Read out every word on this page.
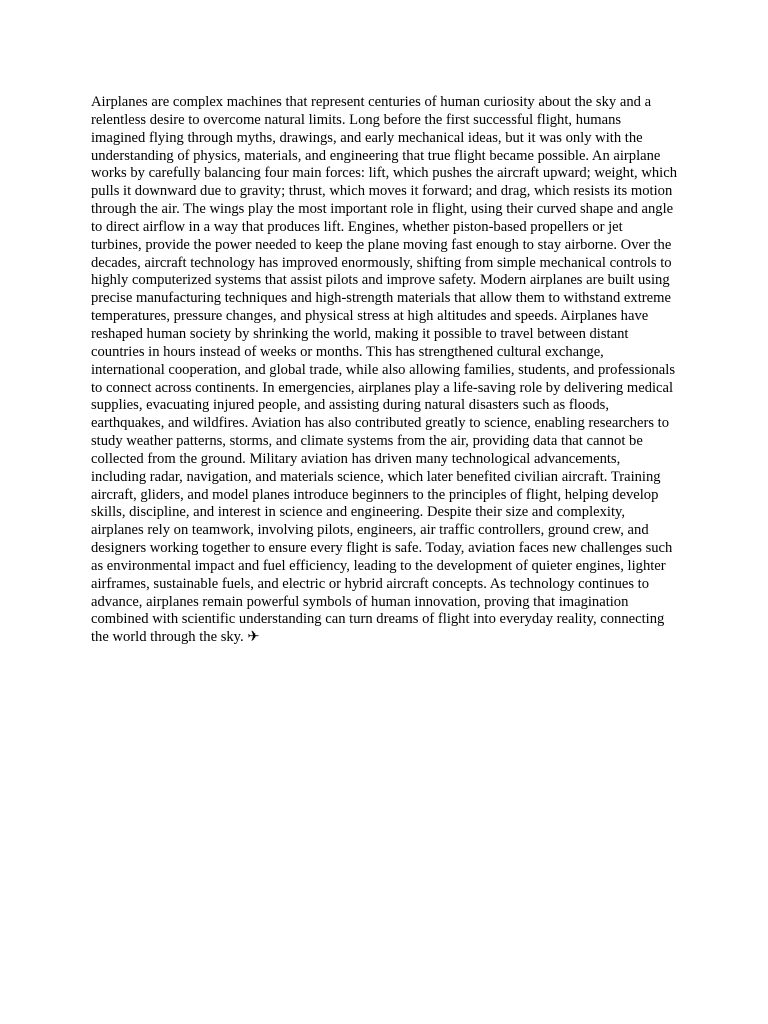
Airplanes are complex machines that represent centuries of human curiosity about the sky and a relentless desire to overcome natural limits. Long before the first successful flight, humans imagined flying through myths, drawings, and early mechanical ideas, but it was only with the understanding of physics, materials, and engineering that true flight became possible. An airplane works by carefully balancing four main forces: lift, which pushes the aircraft upward; weight, which pulls it downward due to gravity; thrust, which moves it forward; and drag, which resists its motion through the air. The wings play the most important role in flight, using their curved shape and angle to direct airflow in a way that produces lift. Engines, whether piston-based propellers or jet turbines, provide the power needed to keep the plane moving fast enough to stay airborne. Over the decades, aircraft technology has improved enormously, shifting from simple mechanical controls to highly computerized systems that assist pilots and improve safety. Modern airplanes are built using precise manufacturing techniques and high-strength materials that allow them to withstand extreme temperatures, pressure changes, and physical stress at high altitudes and speeds. Airplanes have reshaped human society by shrinking the world, making it possible to travel between distant countries in hours instead of weeks or months. This has strengthened cultural exchange, international cooperation, and global trade, while also allowing families, students, and professionals to connect across continents. In emergencies, airplanes play a life-saving role by delivering medical supplies, evacuating injured people, and assisting during natural disasters such as floods, earthquakes, and wildfires. Aviation has also contributed greatly to science, enabling researchers to study weather patterns, storms, and climate systems from the air, providing data that cannot be collected from the ground. Military aviation has driven many technological advancements, including radar, navigation, and materials science, which later benefited civilian aircraft. Training aircraft, gliders, and model planes introduce beginners to the principles of flight, helping develop skills, discipline, and interest in science and engineering. Despite their size and complexity, airplanes rely on teamwork, involving pilots, engineers, air traffic controllers, ground crew, and designers working together to ensure every flight is safe. Today, aviation faces new challenges such as environmental impact and fuel efficiency, leading to the development of quieter engines, lighter airframes, sustainable fuels, and electric or hybrid aircraft concepts. As technology continues to advance, airplanes remain powerful symbols of human innovation, proving that imagination combined with scientific understanding can turn dreams of flight into everyday reality, connecting the world through the sky. ✈
